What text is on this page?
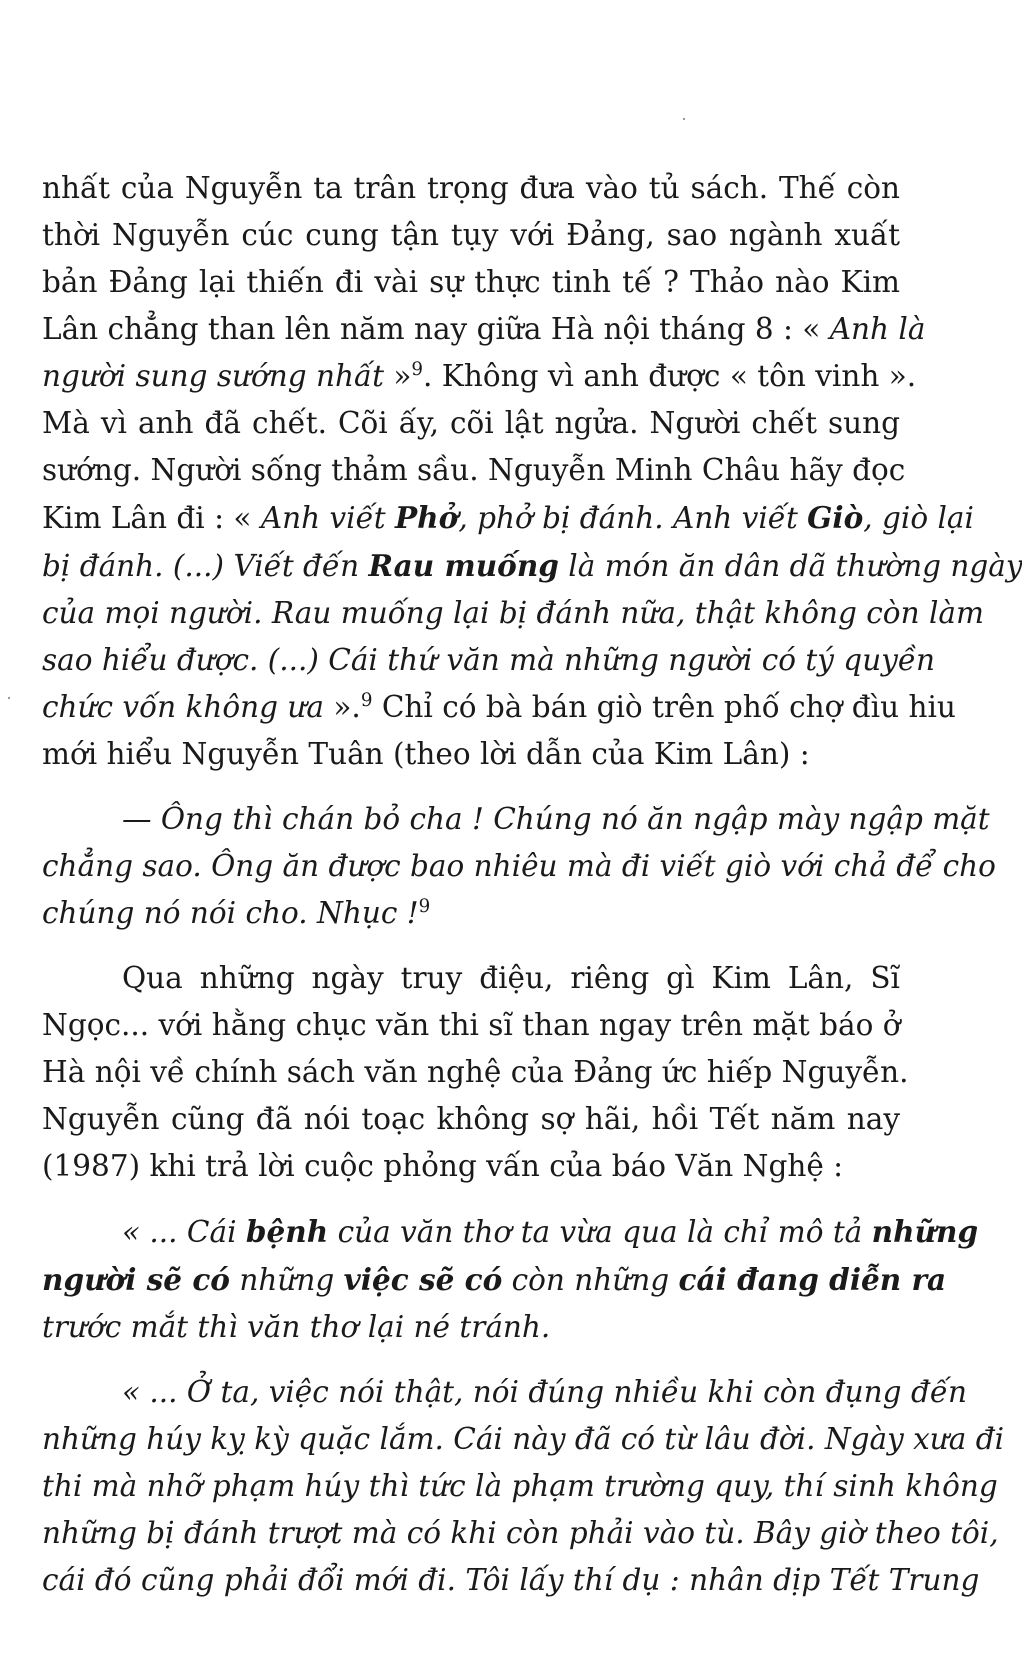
nhất của Nguyễn ta trân trọng đưa vào tủ sách. Thế còn
thời Nguyễn cúc cung tận tụy với Đảng, sao ngành xuất
bản Đảng lại thiến đi vài sự thực tinh tế ? Thảo nào Kim
Lân chẳng than lên năm nay giữa Hà nội tháng 8 : « Anh là
người sung sướng nhất »$^9$. Không vì anh được « tôn vinh ».
Mà vì anh đã chết. Cõi ấy, cõi lật ngửa. Người chết sung
sướng. Người sống thảm sầu. Nguyễn Minh Châu hãy đọc
Kim Lân đi : « Anh viết Phở, phở bị đánh. Anh viết Giò, giò lại
bị đánh. (...) Viết đến Rau muống là món ăn dân dã thường ngày
của mọi người. Rau muống lại bị đánh nữa, thật không còn làm
sao hiểu được. (...) Cái thứ văn mà những người có tý quyền
chức vốn không ưa ».$^9$ Chỉ có bà bán giò trên phố chợ đìu hiu
mới hiểu Nguyễn Tuân (theo lời dẫn của Kim Lân) :
— Ông thì chán bỏ cha ! Chúng nó ăn ngập mày ngập mặt
chẳng sao. Ông ăn được bao nhiêu mà đi viết giò với chả để cho
chúng nó nói cho. Nhục !$^9$
Qua những ngày truy điệu, riêng gì Kim Lân, Sĩ
Ngọc... với hằng chục văn thi sĩ than ngay trên mặt báo ở
Hà nội về chính sách văn nghệ của Đảng ức hiếp Nguyễn.
Nguyễn cũng đã nói toạc không sợ hãi, hồi Tết năm nay
(1987) khi trả lời cuộc phỏng vấn của báo Văn Nghệ :
« ... Cái bệnh của văn thơ ta vừa qua là chỉ mô tả những
người sẽ có những việc sẽ có còn những cái đang diễn ra
trước mắt thì văn thơ lại né tránh.
« ... Ở ta, việc nói thật, nói đúng nhiều khi còn đụng đến
những húy kỵ kỳ quặc lắm. Cái này đã có từ lâu đời. Ngày xưa đi
thi mà nhỡ phạm húy thì tức là phạm trường quy, thí sinh không
những bị đánh trượt mà có khi còn phải vào tù. Bây giờ theo tôi,
cái đó cũng phải đổi mới đi. Tôi lấy thí dụ : nhân dịp Tết Trung
